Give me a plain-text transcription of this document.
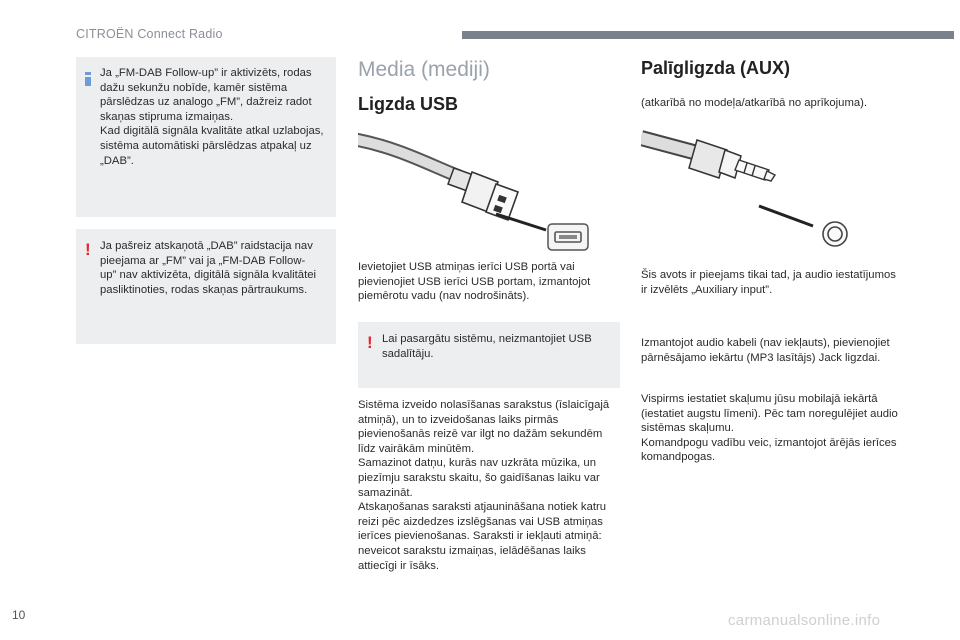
CITROËN Connect Radio
Ja „FM-DAB Follow-up” ir aktivizēts, rodas
dažu sekunžu nobīde, kamēr sistēma
pārslēdzas uz analogo „FM”, dažreiz radot
skaņas stipruma izmaiņas.
Kad digitālā signāla kvalitāte atkal uzlabojas,
sistēma automātiski pārslēdzas atpakaļ uz
„DAB”.
! Ja pašreiz atskaņotā „DAB” raidstacija nav
pieejama ar „FM” vai ja „FM-DAB Follow-
up” nav aktivizēta, digitālā signāla kvalitātei
pasliktinoties, rodas skaņas pārtraukums.
Media (mediji)
Ligzda USB
Ievietojiet USB atmiņas ierīci USB portā vai
pievienojiet USB ierīci USB portam, izmantojot
piemērotu vadu (nav nodrošināts).
! Lai pasargātu sistēmu, neizmantojiet USB
sadalītāju.
Sistēma izveido nolasīšanas sarakstus (īslaicīgajā
atmiņā), un to izveidošanas laiks pirmās
pievienošanās reizē var ilgt no dažām sekundēm
līdz vairākām minūtēm.
Samazinot datņu, kurās nav uzkrāta mūzika, un
piezīmju sarakstu skaitu, šo gaidīšanas laiku var
samazināt.
Atskaņošanas saraksti atjaunināšana notiek katru
reizi pēc aizdedzes izslēgšanas vai USB atmiņas
ierīces pievienošanas. Saraksti ir iekļauti atmiņā:
neveicot sarakstu izmaiņas, ielādēšanas laiks
attiecīgi ir īsāks.
Palīgligzda (AUX)
(atkarībā no modeļa/atkarībā no aprīkojuma).
Šis avots ir pieejams tikai tad, ja audio iestatījumos
ir izvēlēts „Auxiliary input”.
Izmantojot audio kabeli (nav iekļauts), pievienojiet
pārnēsājamo iekārtu (MP3 lasītājs) Jack ligzdai.
Vispirms iestatiet skaļumu jūsu mobilajā iekārtā
(iestatiet augstu līmeni). Pēc tam noregulējiet audio
sistēmas skaļumu.
Komandpogu vadību veic, izmantojot ārējās ierīces
komandpogas.
10	carmanualsonline.info
